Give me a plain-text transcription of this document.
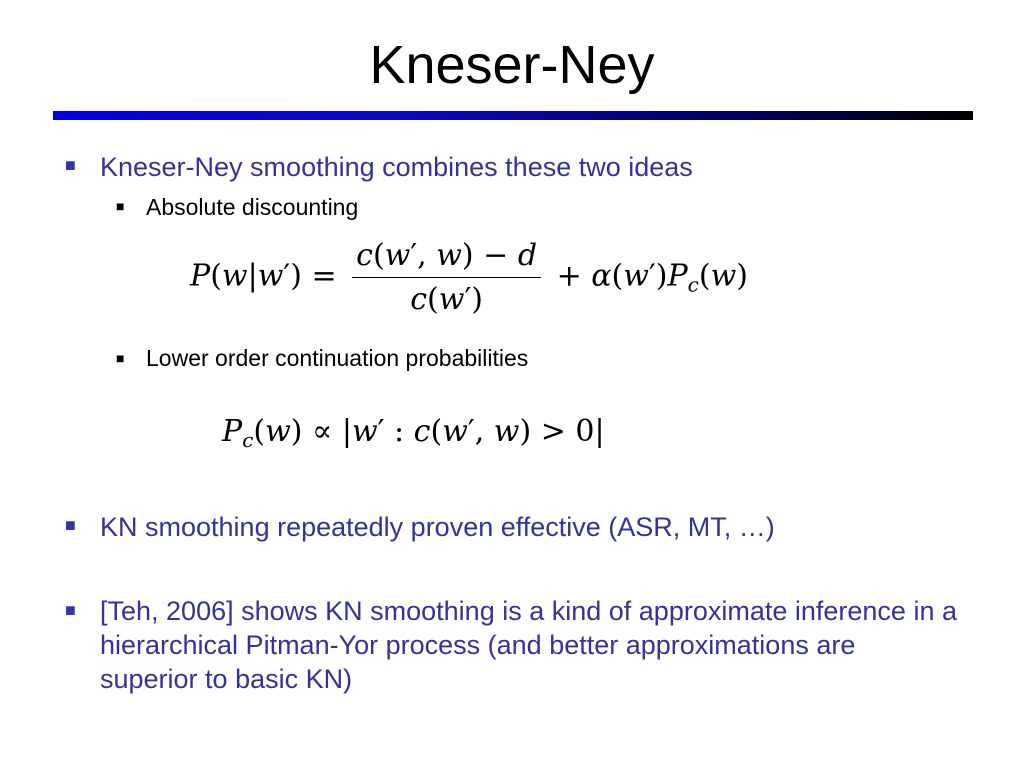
Kneser-Ney
■ Kneser-Ney smoothing combines these two ideas
■ Absolute discounting
$P(w|w') = \frac{c(w', w) - d}{c(w')} + \alpha(w')P_c(w)$
■ Lower order continuation probabilities
$P_c(w) \propto |w'$ : c(w′, w) > 0|
■ KN smoothing repeatedly proven effective (ASR, MT, …)
■ [Teh, 2006] shows KN smoothing is a kind of approximate inference in a hierarchical Pitman-Yor process (and better approximations are superior to basic KN)
